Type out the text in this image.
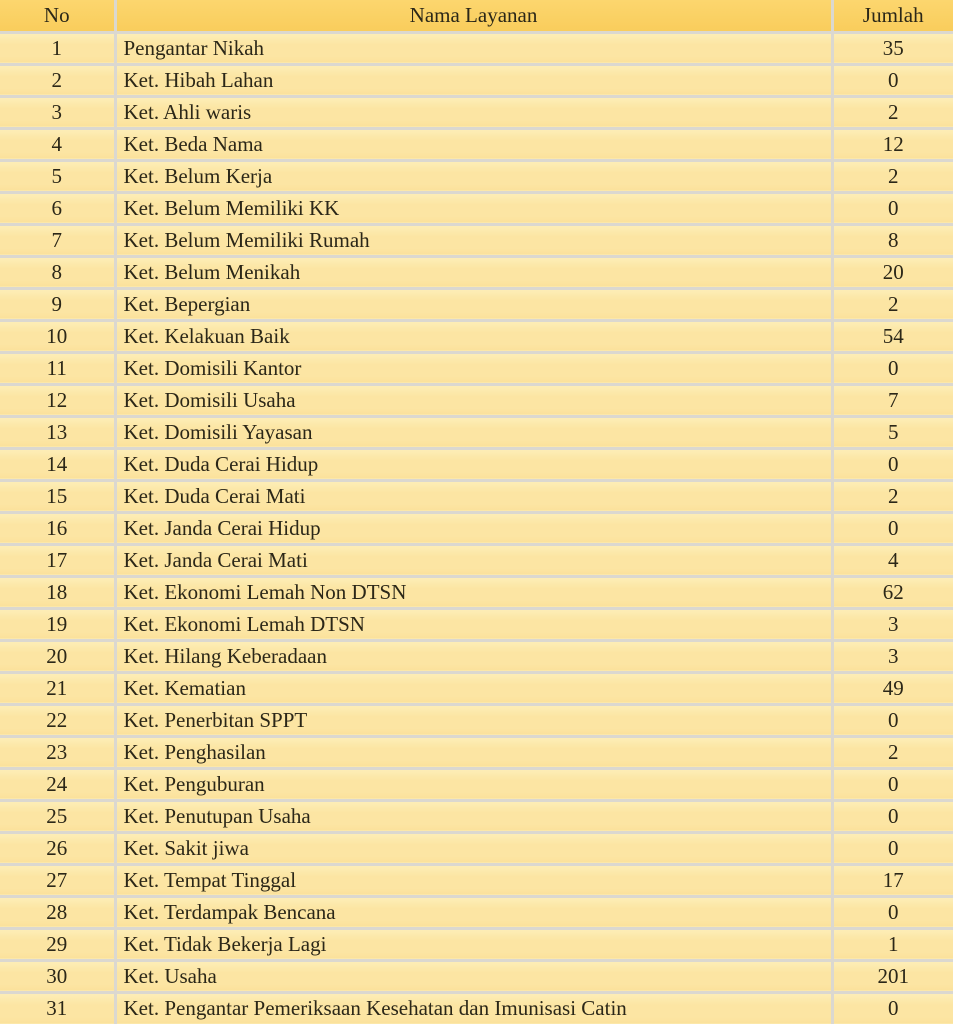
No	Nama Layanan	Jumlah
1	Pengantar Nikah	35
2	Ket. Hibah Lahan	0
3	Ket. Ahli waris	2
4	Ket. Beda Nama	12
5	Ket. Belum Kerja	2
6	Ket. Belum Memiliki KK	0
7	Ket. Belum Memiliki Rumah	8
8	Ket. Belum Menikah	20
9	Ket. Bepergian	2
10	Ket. Kelakuan Baik	54
11	Ket. Domisili Kantor	0
12	Ket. Domisili Usaha	7
13	Ket. Domisili Yayasan	5
14	Ket. Duda Cerai Hidup	0
15	Ket. Duda Cerai Mati	2
16	Ket. Janda Cerai Hidup	0
17	Ket. Janda Cerai Mati	4
18	Ket. Ekonomi Lemah Non DTSN	62
19	Ket. Ekonomi Lemah DTSN	3
20	Ket. Hilang Keberadaan	3
21	Ket. Kematian	49
22	Ket. Penerbitan SPPT	0
23	Ket. Penghasilan	2
24	Ket. Penguburan	0
25	Ket. Penutupan Usaha	0
26	Ket. Sakit jiwa	0
27	Ket. Tempat Tinggal	17
28	Ket. Terdampak Bencana	0
29	Ket. Tidak Bekerja Lagi	1
30	Ket. Usaha	201
31	Ket. Pengantar Pemeriksaan Kesehatan dan Imunisasi Catin	0
